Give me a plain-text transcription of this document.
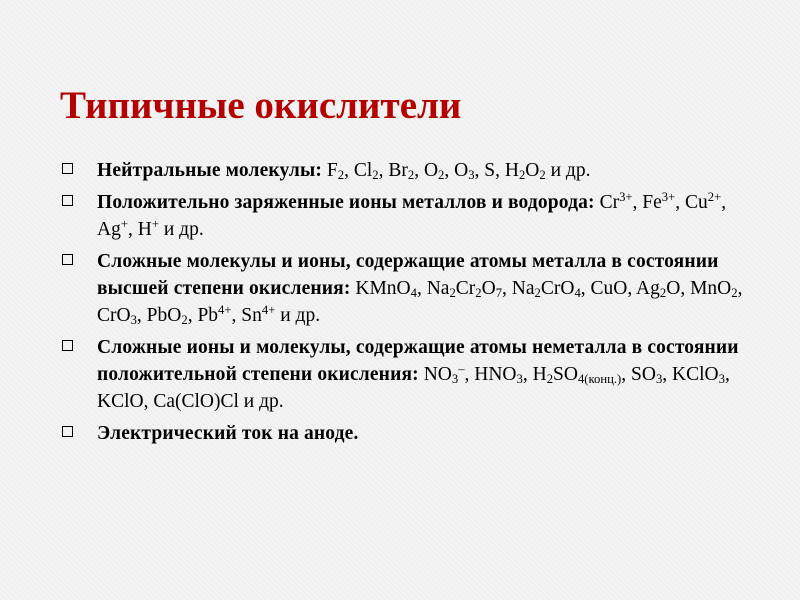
Типичные окислители
Нейтральные молекулы: $F_2$, $Cl_2$, $Br_2$, $O_2$, $O_3$, S, $H_2O_2$ и др.
Положительно заряженные ионы металлов и водорода: $Cr^{3+}$, $Fe^{3+}$, $Cu^{2+}$, Ag+, H+ и др.
Сложные молекулы и ионы, содержащие атомы металла в состоянии высшей степени окисления: KMnO$_4$, $Na_2Cr_2O_7$, $Na_2CrO_4$, CuO, $Ag_2O$, MnO$_2$, CrO$_3$, PbO$_2$, $Pb^{4+}$, $Sn^{4+}$ и др.
Сложные ионы и молекулы, содержащие атомы неметалла в состоянии положительной степени окисления: $NO_3^-$, $HNO_3$, $H_2SO_{4(конц.)}$, $SO_3$, KClO$_3$, KClO, Ca(ClO)Cl и др.
Электрический ток на аноде.
